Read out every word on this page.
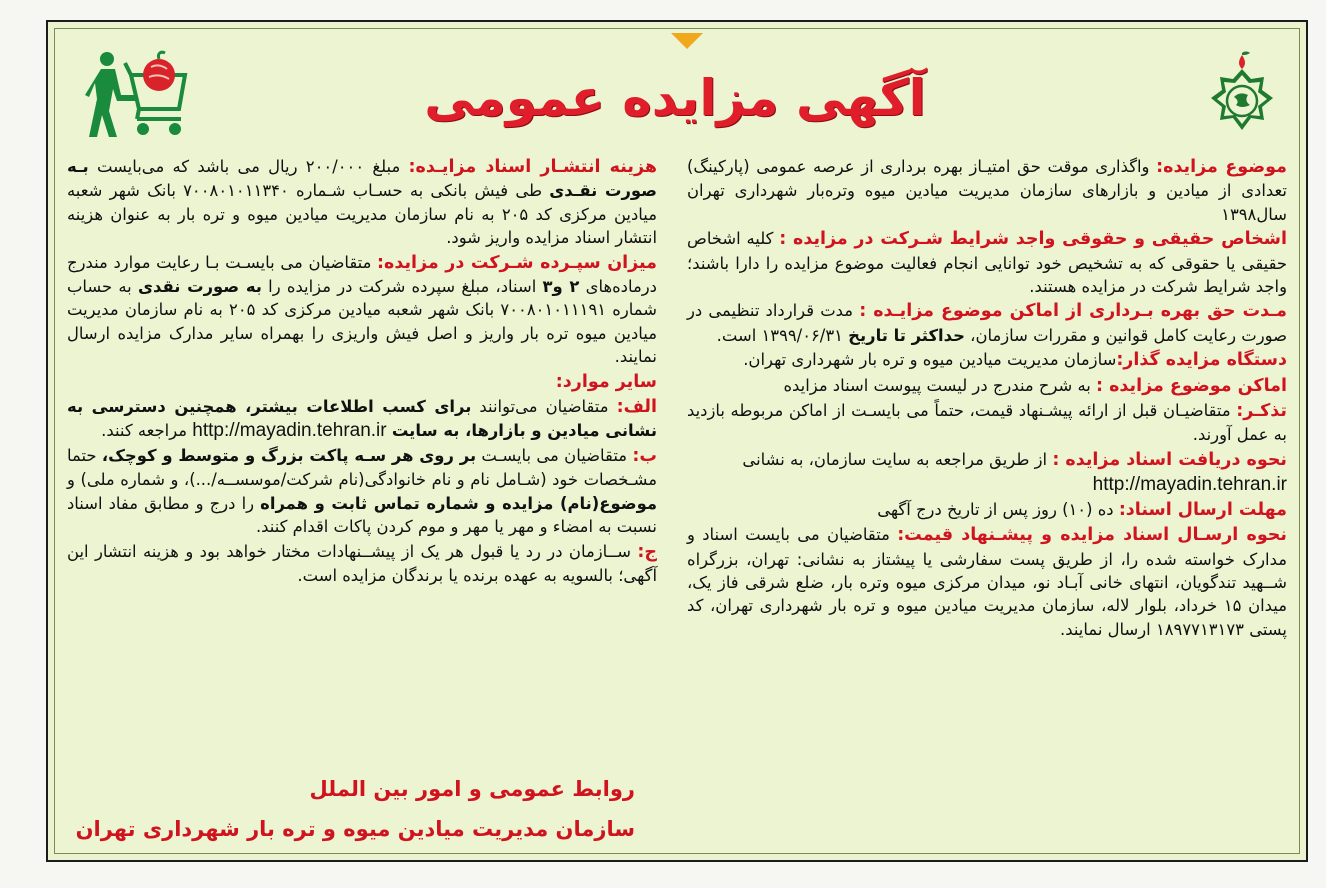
آگهی مزایده عمومی

موضوع مزایده: واگذاری موقت حق امتیـاز بهره برداری از عرصه عمومی (پارکینگ) تعدادی از میادین و بازارهای سازمان مدیریت میادین میوه وتره‌بار شهرداری تهران سال۱۳۹۸

اشخاص حقیقی و حقوقی واجد شرایط شـرکت در مزایده : کلیه اشخاص حقیقی یا حقوقی که به تشخیص خود توانایی انجام فعالیت موضوع مزایده را دارا باشند؛ واجد شرایط شرکت در مزایده هستند.

مـدت حق بهره بـرداری از اماکن موضوع مزایـده : مدت قرارداد تنظیمی در صورت رعایت کامل قوانین و مقررات سازمان، حداکثر تا تاریخ ۱۳۹۹/۰۶/۳۱ است.

دستگاه مزایده گذار:سازمان مدیریت میادین میوه و تره بار شهرداری تهران.

اماکن موضوع مزایده : به شرح مندرج در لیست پیوست اسناد مزایده

تذکـر: متقاضیـان قبل از ارائه پیشـنهاد قیمت، حتماً می بایسـت از اماکن مربوطه بازدید به عمل آورند.

نحوه دریافت اسناد مزایده : از طریق مراجعه به سایت سازمان، به نشانی

http://mayadin.tehran.ir

مهلت ارسال اسناد: ده (۱۰) روز پس از تاریخ درج آگهی

نحوه ارسـال اسناد مزایده و پیشـنهاد قیمت: متقاضیان می بایست اسناد و مدارک خواسته شده را، از طریق پست سفارشی یا پیشتاز به نشانی: تهران، بزرگراه شــهید تندگویان، انتهای خانی آبـاد نو، میدان مرکزی میوه وتره بار، ضلع شرقی فاز یک، میدان ۱۵ خرداد، بلوار لاله، سازمان مدیریت میادین میوه و تره بار شهرداری تهران، کد پستی ۱۸۹۷۷۱۳۱۷۳ ارسال نمایند.

هزینه انتشـار اسناد مزایـده: مبلغ ۲۰۰/۰۰۰ ریال می باشد که می‌بایست بـه صورت نقـدی طی فیش بانکی به حسـاب شـماره ۷۰۰۸۰۱۰۱۱۳۴۰ بانک شهر شعبه میادین مرکزی کد ۲۰۵ به نام سازمان مدیریت میادین میوه و تره بار به عنوان هزینه انتشار اسناد مزایده واریز شود.

میزان سپـرده شـرکت در مزایده: متقاضیان می بایسـت بـا رعایت موارد مندرج درماده‌های ۲ و۳ اسناد، مبلغ سپرده شرکت در مزایده را به صورت نقدی به حساب شماره ۷۰۰۸۰۱۰۱۱۱۹۱ بانک شهر شعبه میادین مرکزی کد ۲۰۵ به نام سازمان مدیریت میادین میوه تره بار واریز و اصل فیش واریزی را بهمراه سایر مدارک مزایده ارسال نمایند.

سایر موارد:

الف: متقاضیان می‌توانند برای کسب اطلاعات بیشتر، همچنین دسترسی به نشانی میادین و بازارها، به سایت http://mayadin.tehran.ir مراجعه کنند.

ب: متقاضیان می بایسـت بر روی هر سـه پاکت بزرگ و متوسط و کوچک، حتما مشـخصات خود (شـامل نام و نام خانوادگی(نام شرکت/موسســه/...)، و شماره ملی) و موضوع(نام) مزایده و شماره تماس ثابت و همراه را درج و مطابق مفاد اسناد نسبت به امضاء و مهر یا مهر و موم کردن پاکات اقدام کنند.

ج: ســازمان در رد یا قبول هر یک از پیشــنهادات مختار خواهد بود و هزینه انتشار این آگهی؛ بالسویه به عهده برنده یا برندگان مزایده است.

روابط عمومی و امور بین الملل
سازمان مدیریت میادین میوه و تره بار شهرداری تهران
